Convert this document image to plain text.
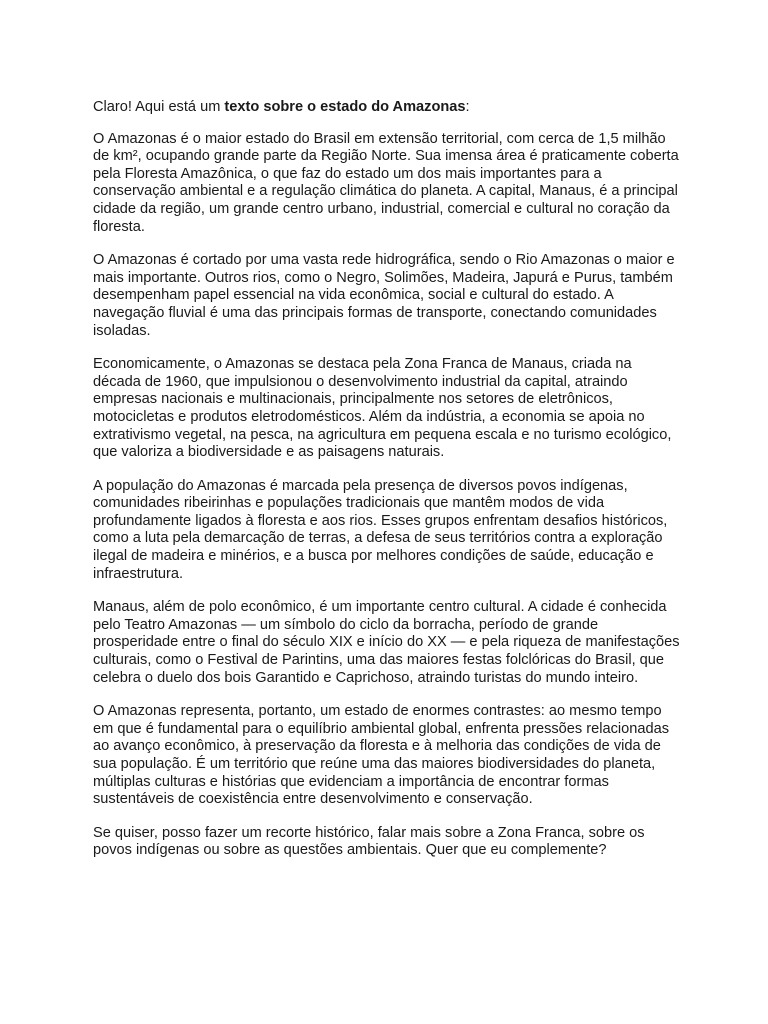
Claro! Aqui está um texto sobre o estado do Amazonas:

O Amazonas é o maior estado do Brasil em extensão territorial, com cerca de 1,5 milhão de km², ocupando grande parte da Região Norte. Sua imensa área é praticamente coberta pela Floresta Amazônica, o que faz do estado um dos mais importantes para a conservação ambiental e a regulação climática do planeta. A capital, Manaus, é a principal cidade da região, um grande centro urbano, industrial, comercial e cultural no coração da floresta.

O Amazonas é cortado por uma vasta rede hidrográfica, sendo o Rio Amazonas o maior e mais importante. Outros rios, como o Negro, Solimões, Madeira, Japurá e Purus, também desempenham papel essencial na vida econômica, social e cultural do estado. A navegação fluvial é uma das principais formas de transporte, conectando comunidades isoladas.

Economicamente, o Amazonas se destaca pela Zona Franca de Manaus, criada na década de 1960, que impulsionou o desenvolvimento industrial da capital, atraindo empresas nacionais e multinacionais, principalmente nos setores de eletrônicos, motocicletas e produtos eletrodomésticos. Além da indústria, a economia se apoia no extrativismo vegetal, na pesca, na agricultura em pequena escala e no turismo ecológico, que valoriza a biodiversidade e as paisagens naturais.

A população do Amazonas é marcada pela presença de diversos povos indígenas, comunidades ribeirinhas e populações tradicionais que mantêm modos de vida profundamente ligados à floresta e aos rios. Esses grupos enfrentam desafios históricos, como a luta pela demarcação de terras, a defesa de seus territórios contra a exploração ilegal de madeira e minérios, e a busca por melhores condições de saúde, educação e infraestrutura.

Manaus, além de polo econômico, é um importante centro cultural. A cidade é conhecida pelo Teatro Amazonas — um símbolo do ciclo da borracha, período de grande prosperidade entre o final do século XIX e início do XX — e pela riqueza de manifestações culturais, como o Festival de Parintins, uma das maiores festas folclóricas do Brasil, que celebra o duelo dos bois Garantido e Caprichoso, atraindo turistas do mundo inteiro.

O Amazonas representa, portanto, um estado de enormes contrastes: ao mesmo tempo em que é fundamental para o equilíbrio ambiental global, enfrenta pressões relacionadas ao avanço econômico, à preservação da floresta e à melhoria das condições de vida de sua população. É um território que reúne uma das maiores biodiversidades do planeta, múltiplas culturas e histórias que evidenciam a importância de encontrar formas sustentáveis de coexistência entre desenvolvimento e conservação.

Se quiser, posso fazer um recorte histórico, falar mais sobre a Zona Franca, sobre os povos indígenas ou sobre as questões ambientais. Quer que eu complemente?
